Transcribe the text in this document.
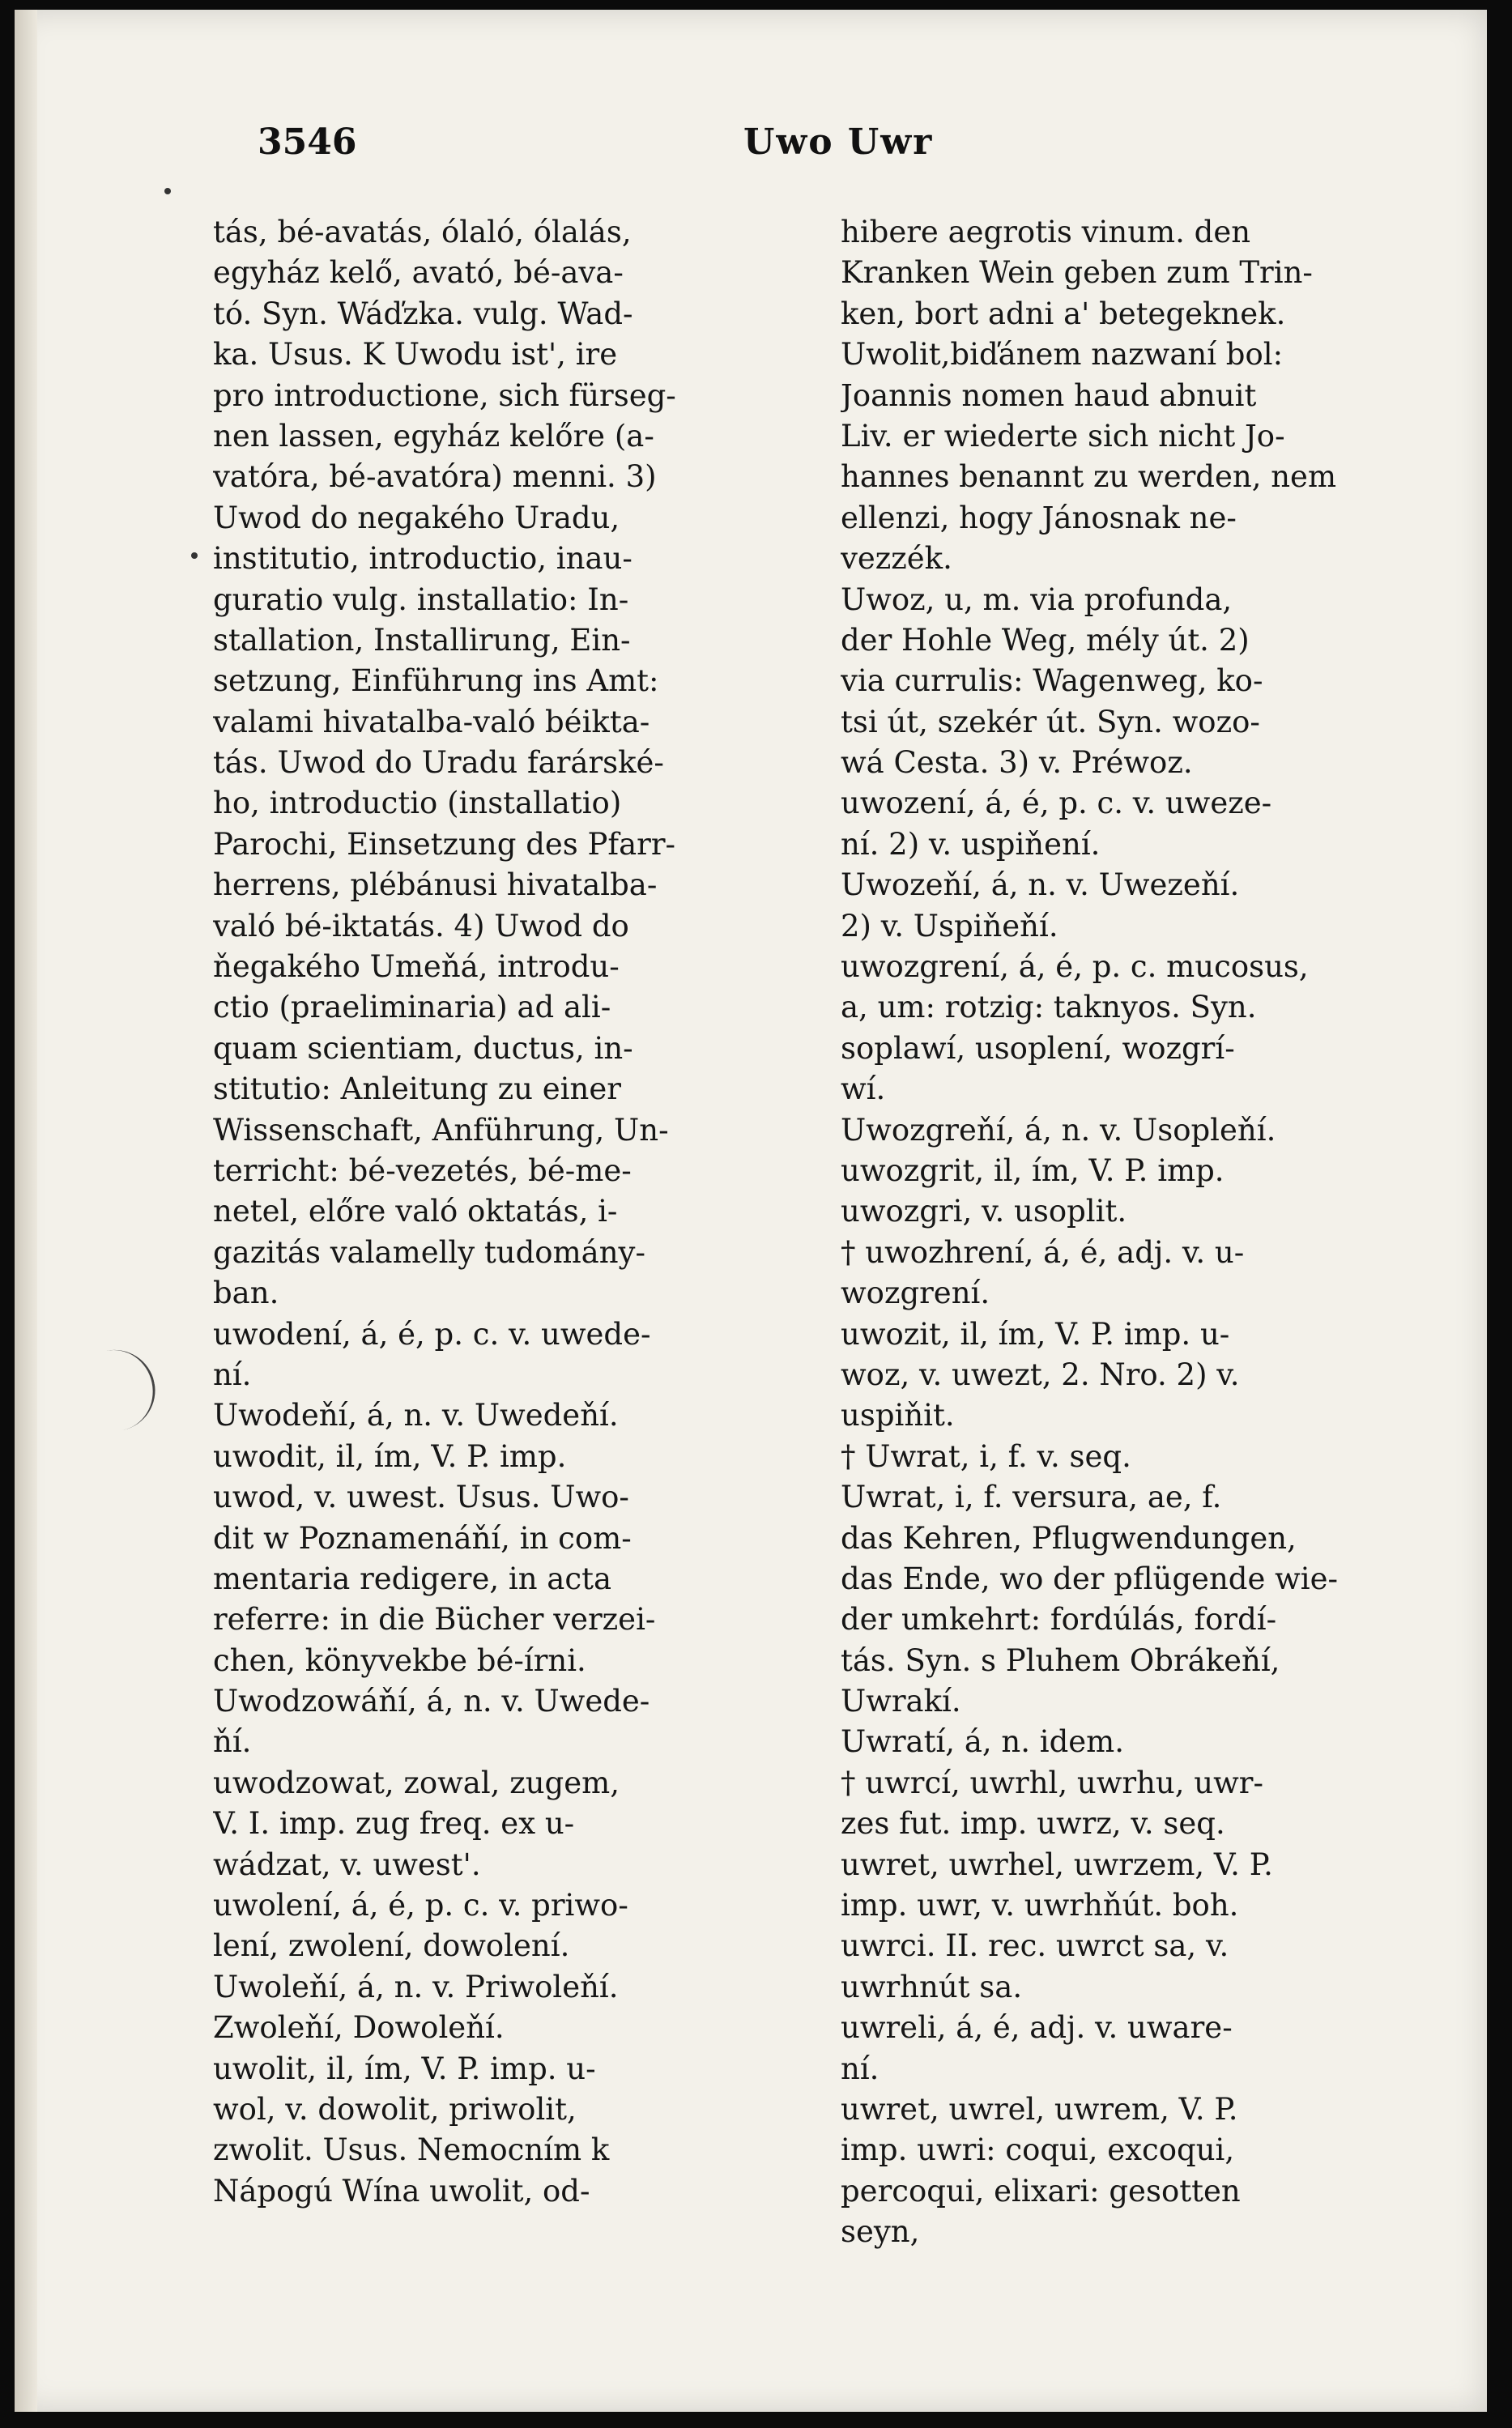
3546	Uwo Uwr
tás, bé-avatás, ólaló, ólalás,
egyház kelő, avató, bé-ava-
tó. Syn. Wáďzka. vulg. Wad-
ka. Usus. K Uwodu ist', ire
pro introductione, sich fürseg-
nen lassen, egyház kelőre (a-
vatóra, bé-avatóra) menni. 3)
Uwod do negakého Uradu,
institutio, introductio, inau-
guratio vulg. installatio: In-
stallation, Installirung, Ein-
setzung, Einführung ins Amt:
valami hivatalba-való béikta-
tás. Uwod do Uradu farárské-
ho, introductio (installatio)
Parochi, Einsetzung des Pfarr-
herrens, plébánusi hivatalba-
való bé-iktatás. 4) Uwod do
ňegakého Umeňá, introdu-
ctio (praeliminaria) ad ali-
quam scientiam, ductus, in-
stitutio: Anleitung zu einer
Wissenschaft, Anführung, Un-
terricht: bé-vezetés, bé-me-
netel, előre való oktatás, i-
gazitás valamelly tudomány-
ban.
uwodení, á, é, p. c. v. uwede-
ní.
Uwodeňí, á, n. v. Uwedeňí.
uwodit, il, ím, V. P. imp.
uwod, v. uwest. Usus. Uwo-
dit w Poznamenáňí, in com-
mentaria redigere, in acta
referre: in die Bücher verzei-
chen, könyvekbe bé-írni.
Uwodzowáňí, á, n. v. Uwede-
ňí.
uwodzowat, zowal, zugem,
V. I. imp. zug freq. ex u-
wádzat, v. uwest'.
uwolení, á, é, p. c. v. priwo-
lení, zwolení, dowolení.
Uwoleňí, á, n. v. Priwoleňí.
Zwoleňí, Dowoleňí.
uwolit, il, ím, V. P. imp. u-
wol, v. dowolit, priwolit,
zwolit. Usus. Nemocním k
Nápogú Wína uwolit, od-
hibere aegrotis vinum. den
Kranken Wein geben zum Trin-
ken, bort adni a' betegeknek.
Uwolit,biďánem nazwaní bol:
Joannis nomen haud abnuit
Liv. er wiederte sich nicht Jo-
hannes benannt zu werden, nem
ellenzi, hogy Jánosnak ne-
vezzék.
Uwoz, u, m. via profunda,
der Hohle Weg, mély út. 2)
via currulis: Wagenweg, ko-
tsi út, szekér út. Syn. wozo-
wá Cesta. 3) v. Préwoz.
uwození, á, é, p. c. v. uweze-
ní. 2) v. uspiňení.
Uwozeňí, á, n. v. Uwezeňí.
2) v. Uspiňeňí.
uwozgrení, á, é, p. c. mucosus,
a, um: rotzig: taknyos. Syn.
soplawí, usoplení, wozgrí-
wí.
Uwozgreňí, á, n. v. Usopleňí.
uwozgrit, il, ím, V. P. imp.
uwozgri, v. usoplit.
† uwozhrení, á, é, adj. v. u-
wozgrení.
uwozit, il, ím, V. P. imp. u-
woz, v. uwezt, 2. Nro. 2) v.
uspiňit.
† Uwrat, i, f. v. seq.
Uwrat, i, f. versura, ae, f.
das Kehren, Pflugwendungen,
das Ende, wo der pflügende wie-
der umkehrt: fordúlás, fordí-
tás. Syn. s Pluhem Obrákeňí,
Uwrakí.
Uwratí, á, n. idem.
† uwrcí, uwrhl, uwrhu, uwr-
zes fut. imp. uwrz, v. seq.
uwret, uwrhel, uwrzem, V. P.
imp. uwr, v. uwrhňút. boh.
uwrci. II. rec. uwrct sa, v.
uwrhnút sa.
uwreli, á, é, adj. v. uware-
ní.
uwret, uwrel, uwrem, V. P.
imp. uwri: coqui, excoqui,
percoqui, elixari: gesotten
seyn,
